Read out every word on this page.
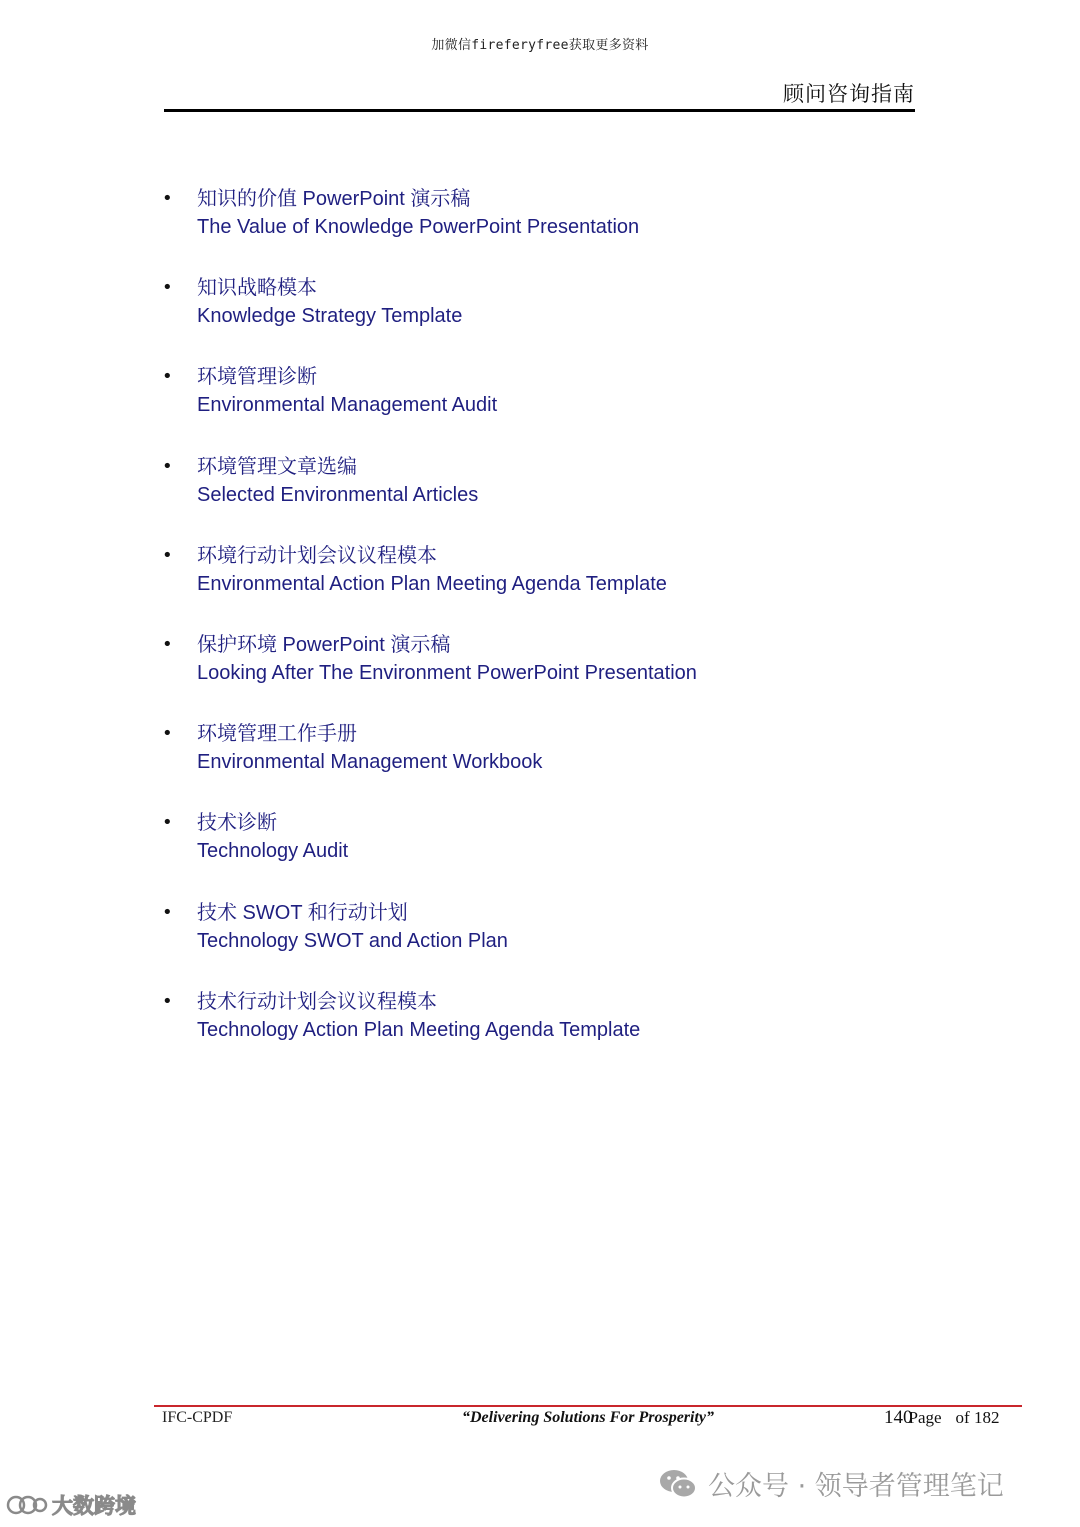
加微信fireferyfree获取更多资料
顾问咨询指南
• 知识的价值 PowerPoint 演示稿
The Value of Knowledge PowerPoint Presentation
• 知识战略模本
Knowledge Strategy Template
• 环境管理诊断
Environmental Management Audit
• 环境管理文章选编
Selected Environmental Articles
• 环境行动计划会议议程模本
Environmental Action Plan Meeting Agenda Template
• 保护环境 PowerPoint 演示稿
Looking After The Environment PowerPoint Presentation
• 环境管理工作手册
Environmental Management Workbook
• 技术诊断
Technology Audit
• 技术 SWOT 和行动计划
Technology SWOT and Action Plan
• 技术行动计划会议议程模本
Technology Action Plan Meeting Agenda Template
IFC-CPDF	“Delivering Solutions For Prosperity”	140Page of 182
公众号 · 领导者管理笔记
大数跨境
